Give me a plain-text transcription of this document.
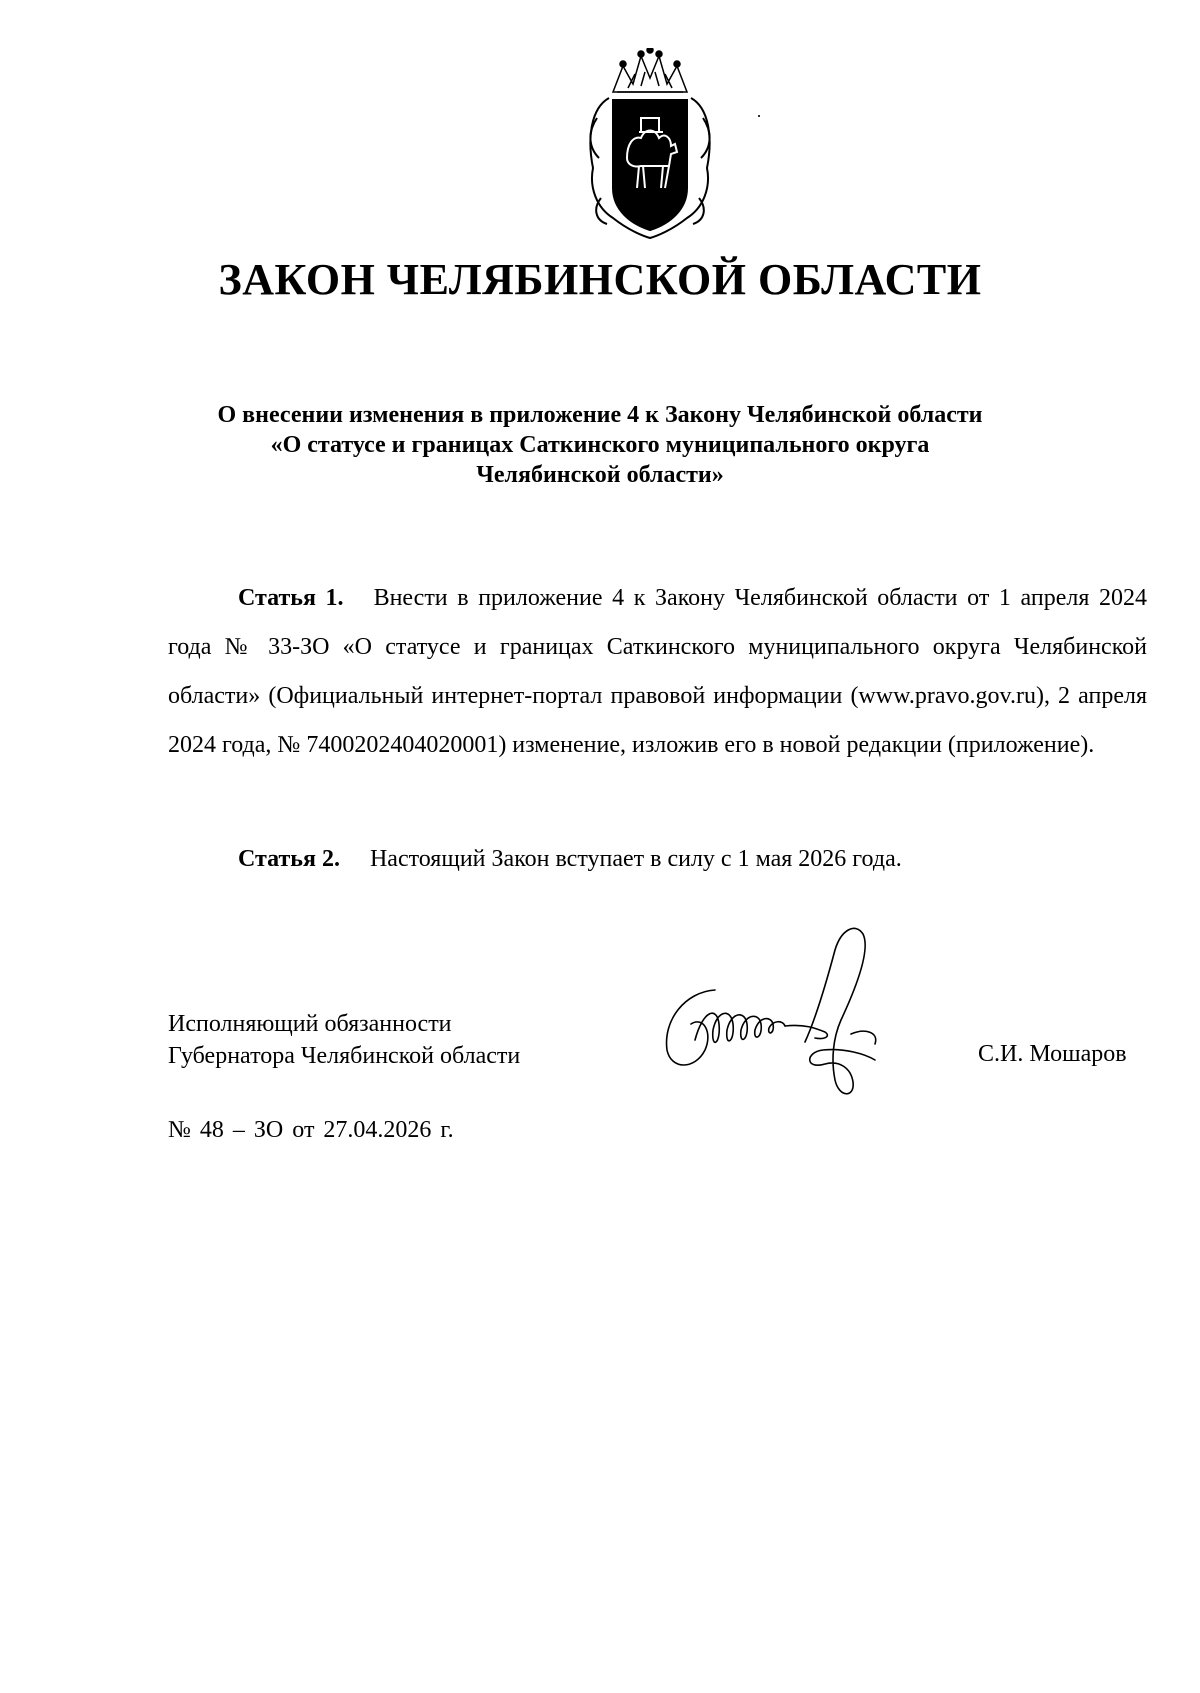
ЗАКОН ЧЕЛЯБИНСКОЙ ОБЛАСТИ
О внесении изменения в приложение 4 к Закону Челябинской области
«О статусе и границах Саткинского муниципального округа
Челябинской области»
Статья 1. Внести в приложение 4 к Закону Челябинской области от 1 апреля 2024 года № 33-ЗО «О статусе и границах Саткинского муниципального округа Челябинской области» (Официальный интернет-портал правовой информации (www.pravo.gov.ru), 2 апреля 2024 года, № 7400202404020001) изменение, изложив его в новой редакции (приложение).
Статья 2. Настоящий Закон вступает в силу с 1 мая 2026 года.
Исполняющий обязанности
Губернатора Челябинской области	С.И. Мошаров
№ 48 – ЗО от 27.04.2026 г.
